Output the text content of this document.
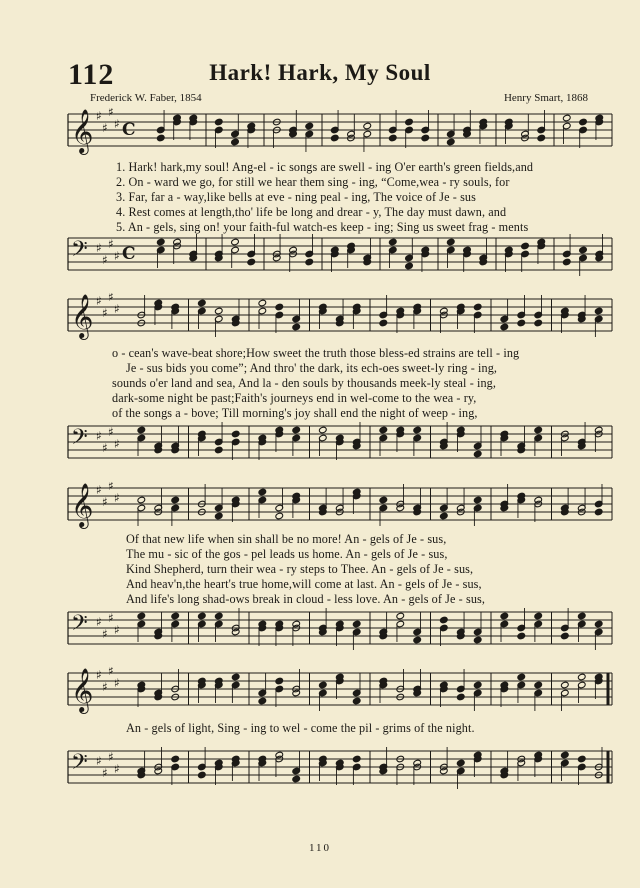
112	Hark! Hark, My Soul
Frederick W. Faber, 1854	Henry Smart, 1868
𝄞 ♯
♯
♯
♯ C
1. Hark! hark,my soul! Ang-el - ic songs are swell - ing O'er earth's green fields,and
2. On - ward we go, for still we hear them sing - ing, “Come,wea - ry souls, for
3. Far, far a - way,like bells at eve - ning peal - ing, The voice of Je - sus
4. Rest comes at length,tho' life be long and drear - y, The day must dawn, and
5. An - gels, sing on! your faith-ful watch-es keep - ing; Sing us sweet frag - ments
𝄢 ♯
♯
♯
♯ C
𝄞 ♯
♯
♯
♯
o - cean's wave-beat shore;How sweet the truth those bless-ed strains are tell - ing
Je - sus bids you come”; And thro' the dark, its ech-oes sweet-ly ring - ing,
sounds o'er land and sea, And la - den souls by thousands meek-ly steal - ing,
dark-some night be past;Faith's journeys end in wel-come to the wea - ry,
of the songs a - bove; Till morning's joy shall end the night of weep - ing,
𝄢 ♯
♯
♯
♯
𝄞 ♯
♯
♯
♯
Of that new life when sin shall be no more! An - gels of Je - sus,
The mu - sic of the gos - pel leads us home. An - gels of Je - sus,
Kind Shepherd, turn their wea - ry steps to Thee. An - gels of Je - sus,
And heav'n,the heart's true home,will come at last. An - gels of Je - sus,
And life's long shad-ows break in cloud - less love. An - gels of Je - sus,
𝄢 ♯
♯
♯
♯
𝄞 ♯
♯
♯
♯
An - gels of light, Sing - ing to wel - come the pil - grims of the night.
𝄢 ♯
♯
♯
♯
110
